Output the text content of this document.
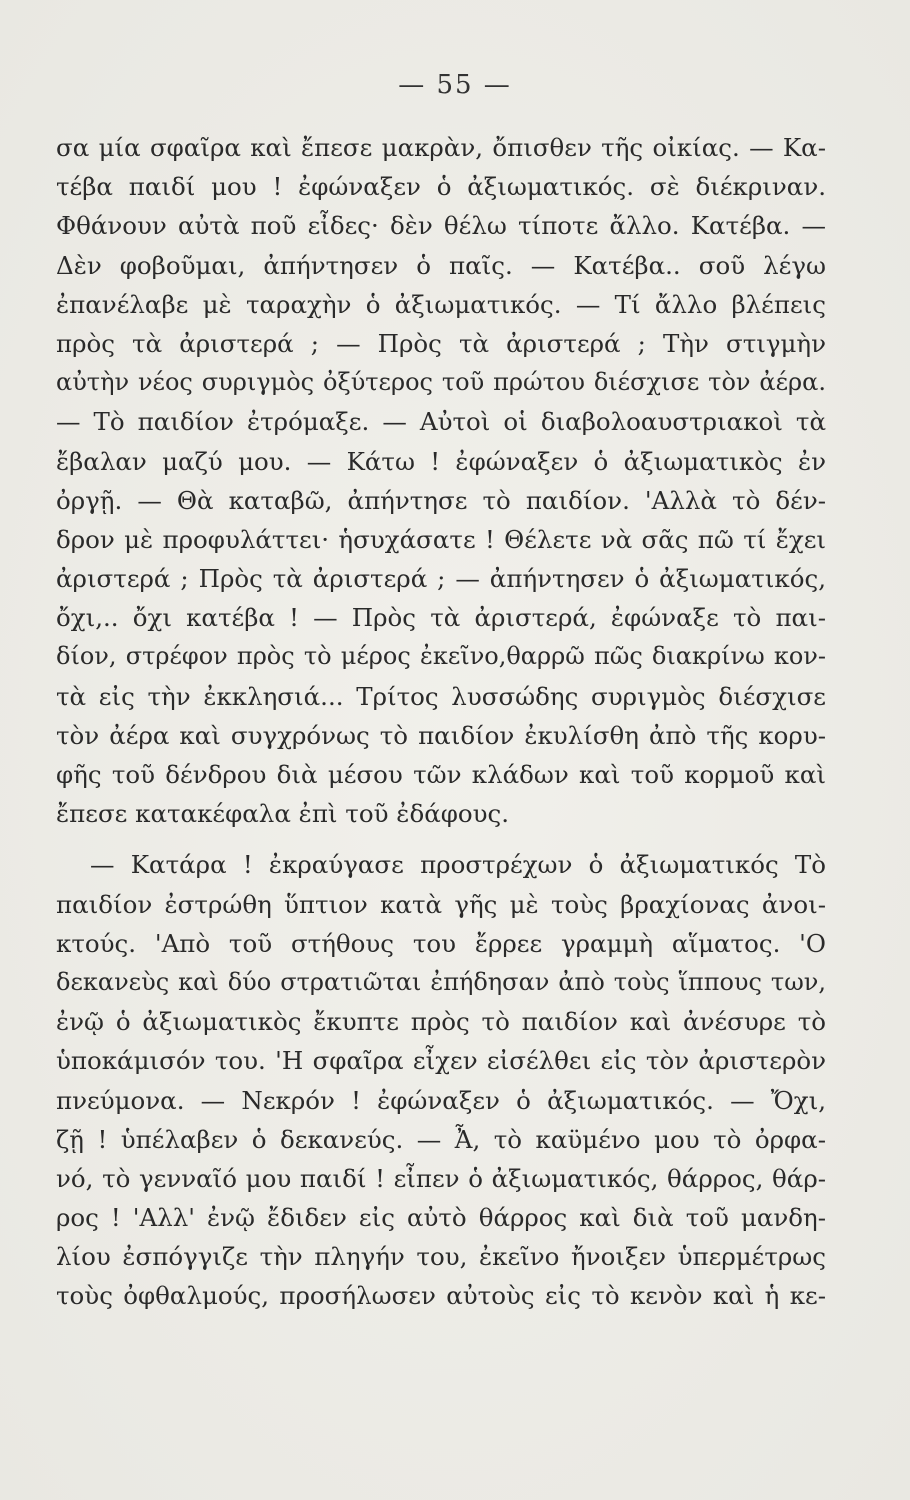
— 55 —
σα μία σφαῖρα καὶ ἔπεσε μακρὰν, ὄπισθεν τῆς οἰκίας. — Κα-
τέβα παιδί μου ! ἐφώναξεν ὁ ἀξιωματικός. σὲ διέκριναν.
Φθάνουν αὐτὰ ποῦ εἶδες· δὲν θέλω τίποτε ἄλλο. Κατέβα. —
Δὲν φοβοῦμαι, ἀπήντησεν ὁ παῖς. — Κατέβα.. σοῦ λέγω
ἐπανέλαβε μὲ ταραχὴν ὁ ἀξιωματικός. — Τί ἄλλο βλέπεις
πρὸς τὰ ἀριστερά ; — Πρὸς τὰ ἀριστερά ; Τὴν στιγμὴν
αὐτὴν νέος συριγμὸς ὀξύτερος τοῦ πρώτου διέσχισε τὸν ἀέρα.
— Τὸ παιδίον ἐτρόμαξε. — Αὐτοὶ οἱ διαβολοαυστριακοὶ τὰ
ἔβαλαν μαζύ μου. — Κάτω ! ἐφώναξεν ὁ ἀξιωματικὸς ἐν
ὀργῇ. — Θὰ καταβῶ, ἀπήντησε τὸ παιδίον. 'Αλλὰ τὸ δέν-
δρον μὲ προφυλάττει· ἡσυχάσατε ! Θέλετε νὰ σᾶς πῶ τί ἔχει
ἀριστερά ; Πρὸς τὰ ἀριστερά ; — ἀπήντησεν ὁ ἀξιωματικός,
ὄχι,.. ὄχι κατέβα ! — Πρὸς τὰ ἀριστερά, ἐφώναξε τὸ παι-
δίον, στρέφον πρὸς τὸ μέρος ἐκεῖνο,θαρρῶ πῶς διακρίνω κον-
τὰ εἰς τὴν ἐκκλησιά... Τρίτος λυσσώδης συριγμὸς διέσχισε
τὸν ἀέρα καὶ συγχρόνως τὸ παιδίον ἐκυλίσθη ἀπὸ τῆς κορυ-
φῆς τοῦ δένδρου διὰ μέσου τῶν κλάδων καὶ τοῦ κορμοῦ καὶ
ἔπεσε κατακέφαλα ἐπὶ τοῦ ἐδάφους.
— Κατάρα ! ἐκραύγασε προστρέχων ὁ ἀξιωματικός Τὸ
παιδίον ἐστρώθη ὕπτιον κατὰ γῆς μὲ τοὺς βραχίονας ἀνοι-
κτούς. 'Απὸ τοῦ στήθους του ἔρρεε γραμμὴ αἵματος. 'Ο
δεκανεὺς καὶ δύο στρατιῶται ἐπήδησαν ἀπὸ τοὺς ἵππους των,
ἐνῷ ὁ ἀξιωματικὸς ἔκυπτε πρὸς τὸ παιδίον καὶ ἀνέσυρε τὸ
ὑποκάμισόν του. 'Η σφαῖρα εἶχεν εἰσέλθει εἰς τὸν ἀριστερὸν
πνεύμονα. — Νεκρόν ! ἐφώναξεν ὁ ἀξιωματικός. — Ὄχι,
ζῇ ! ὑπέλαβεν ὁ δεκανεύς. — Ἆ, τὸ καϋμένο μου τὸ ὀρφα-
νό, τὸ γενναῖό μου παιδί ! εἶπεν ὁ ἀξιωματικός, θάρρος, θάρ-
ρος ! 'Αλλ' ἐνῷ ἔδιδεν εἰς αὐτὸ θάρρος καὶ διὰ τοῦ μανδη-
λίου ἐσπόγγιζε τὴν πληγήν του, ἐκεῖνο ἤνοιξεν ὑπερμέτρως
τοὺς ὀφθαλμούς, προσήλωσεν αὐτοὺς εἰς τὸ κενὸν καὶ ἡ κε-
